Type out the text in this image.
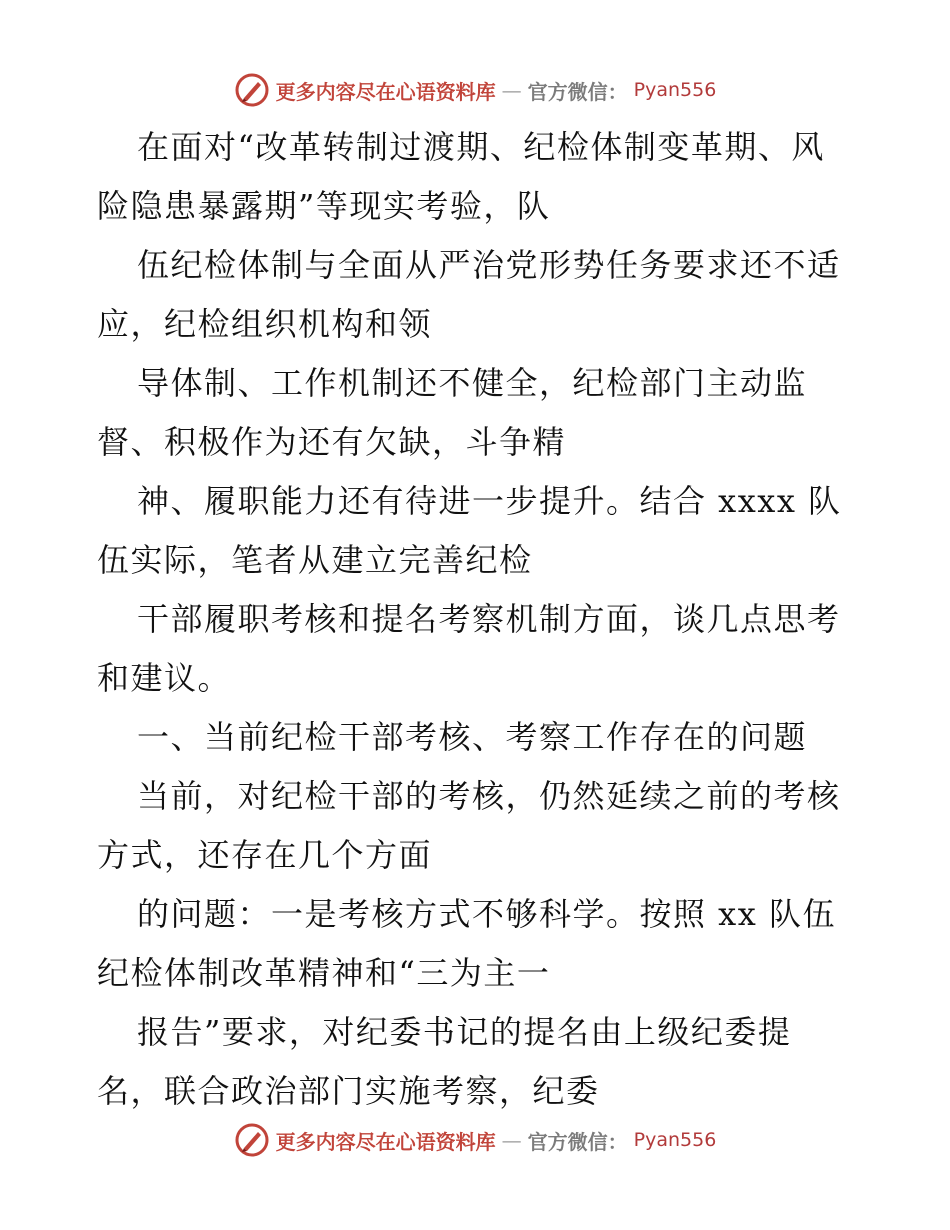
更多内容尽在心语资料库 — 官方微信： Pyan556

在面对“改革转制过渡期、纪检体制变革期、风险隐患暴露期”等现实考验，队

伍纪检体制与全面从严治党形势任务要求还不适应，纪检组织机构和领

导体制、工作机制还不健全，纪检部门主动监督、积极作为还有欠缺，斗争精

神、履职能力还有待进一步提升。结合 xxxx 队伍实际，笔者从建立完善纪检

干部履职考核和提名考察机制方面，谈几点思考和建议。

一、当前纪检干部考核、考察工作存在的问题

当前，对纪检干部的考核，仍然延续之前的考核方式，还存在几个方面

的问题：一是考核方式不够科学。按照 xx 队伍纪检体制改革精神和“三为主一

报告”要求，对纪委书记的提名由上级纪委提名，联合政治部门实施考察，纪委

更多内容尽在心语资料库 — 官方微信： Pyan556
